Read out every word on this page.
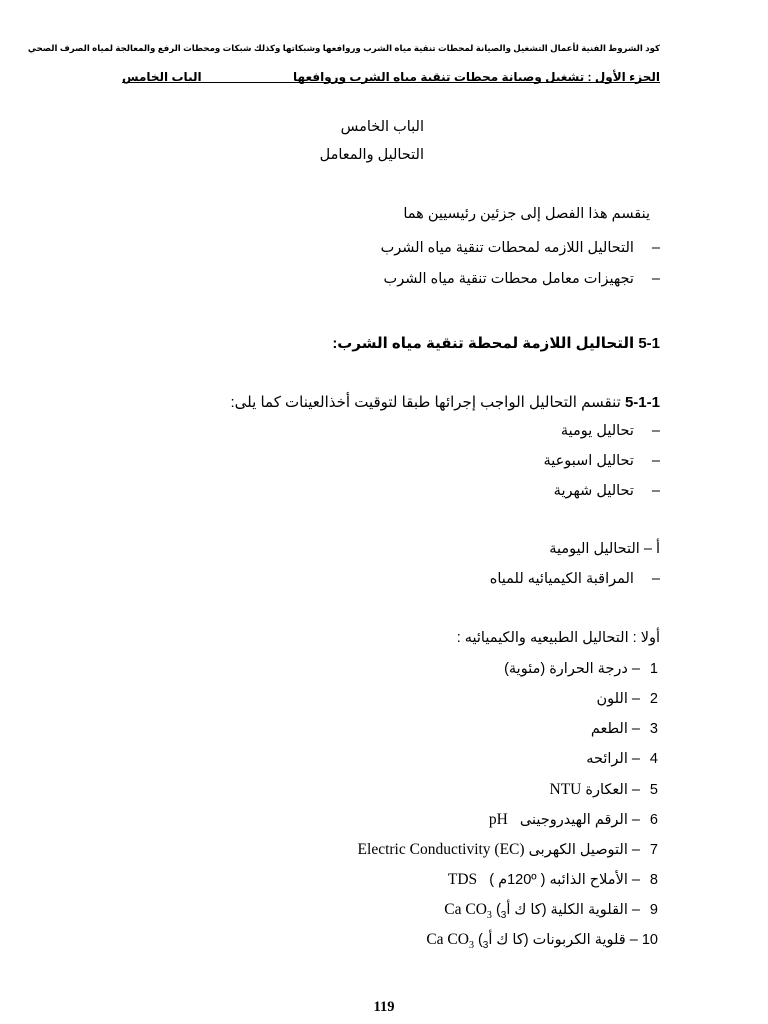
كود الشروط الفنية لأعمال التشغيل والصيانة لمحطات تنقية مياه الشرب وروافعها وشبكاتها وكذلك شبكات ومحطات الرفع والمعالجة لمياه الصرف الصحي
الجزء الأول : تشغيل وصيانة محطات تنقية مياه الشرب وروافعها
الباب الخامس
الباب الخامس
التحاليل والمعامل
ينقسم هذا الفصل إلى جزئين رئيسيين هما
–  التحاليل اللازمه لمحطات تنقية مياه الشرب
–  تجهيزات معامل محطات تنقية مياه الشرب
5-1 التحاليل اللازمة لمحطة تنقية مياه الشرب:
5-1-1 تنقسم التحاليل الواجب إجرائها طبقا لتوقيت أخذالعينات كما يلى:
–  تحاليل يومية
–  تحاليل اسبوعية
–  تحاليل شهرية
أ – التحاليل اليومية
–  المراقبة الكيميائيه للمياه
أولا : التحاليل الطبيعيه والكيميائيه :
1 – درجة الحرارة (مئوية)
2 – اللون
3 – الطعم
4 – الرائحه
5 – العكارة NTU
6 – الرقم الهيدروجينى   pH
7 – التوصيل الكهربى Electric Conductivity (EC)
8 – الأملاح الذائبه ( 120ºم )   TDS
9 – القلوية الكلية (كا ك أ$_3$) Ca $CO_3$
10 – قلوية الكربونات (كا ك أ$_3$) Ca $CO_3$
119
